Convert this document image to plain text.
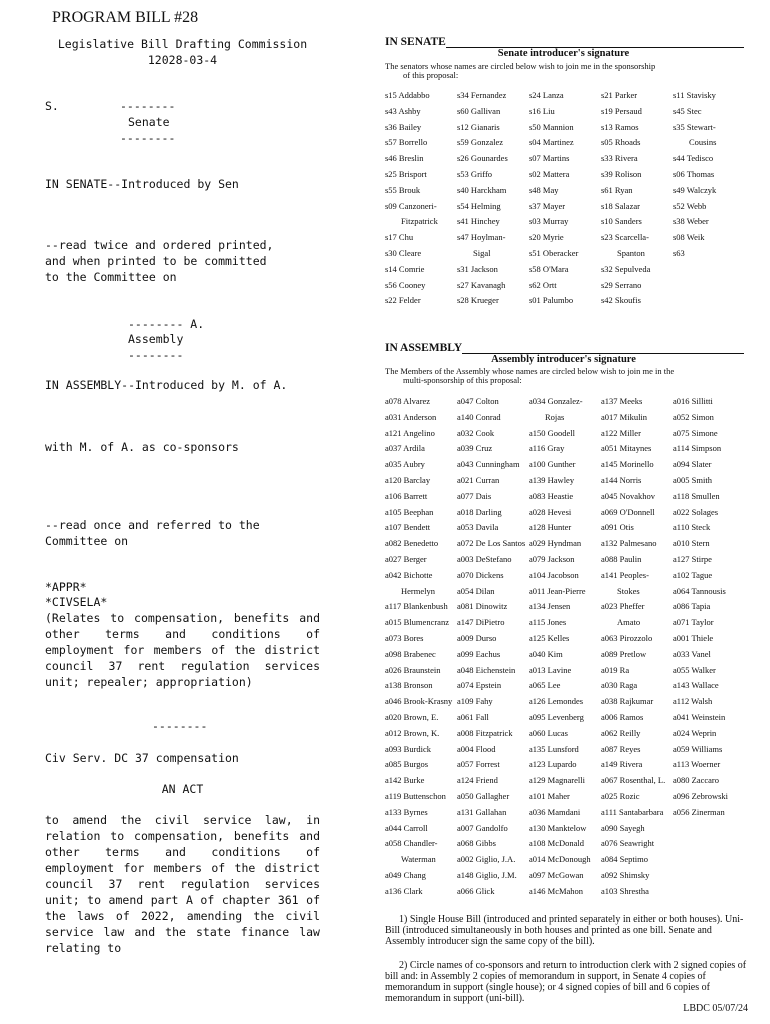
PROGRAM BILL #28
Legislative Bill Drafting Commission
12028-03-4
S.	--------
Senate
--------
IN SENATE--Introduced by Sen
--read twice and ordered printed,
and when printed to be committed
to the Committee on
-------- A.
Assembly
--------
IN ASSEMBLY--Introduced by M. of A.
with M. of A. as co-sponsors
--read once and referred to the
Committee on
*APPR*
*CIVSELA*
(Relates to compensation, benefits and other terms and conditions of employment for members of the district council 37 rent regulation services unit; repealer; appropriation)
--------
Civ Serv. DC 37 compensation
AN ACT
to amend the civil service law, in relation to compensation, benefits and other terms and conditions of employment for members of the district council 37 rent regulation services unit; to amend part A of chapter 361 of the laws of 2022, amending the civil service law and the state finance law relating to
IN SENATE
Senate introducer's signature
The senators whose names are circled below wish to join me in the sponsorship
of this proposal:
s15 Addabbo	s34 Fernandez	s24 Lanza	s21 Parker	s11 Stavisky
s43 Ashby	s60 Gallivan	s16 Liu	s19 Persaud	s45 Stec
s36 Bailey	s12 Gianaris	s50 Mannion	s13 Ramos	s35 Stewart-
s57 Borrello	s59 Gonzalez	s04 Martinez	s05 Rhoads	Cousins
s46 Breslin	s26 Gounardes	s07 Martins	s33 Rivera	s44 Tedisco
s25 Brisport	s53 Griffo	s02 Mattera	s39 Rolison	s06 Thomas
s55 Brouk	s40 Harckham	s48 May	s61 Ryan	s49 Walczyk
s09 Canzoneri-	s54 Helming	s37 Mayer	s18 Salazar	s52 Webb
Fitzpatrick	s41 Hinchey	s03 Murray	s10 Sanders	s38 Weber
s17 Chu	s47 Hoylman-	s20 Myrie	s23 Scarcella-	s08 Weik
s30 Cleare	Sigal	s51 Oberacker	Spanton	s63
s14 Comrie	s31 Jackson	s58 O'Mara	s32 Sepulveda
s56 Cooney	s27 Kavanagh	s62 Ortt	s29 Serrano
s22 Felder	s28 Krueger	s01 Palumbo	s42 Skoufis
IN ASSEMBLY
Assembly introducer's signature
The Members of the Assembly whose names are circled below wish to join me in the
multi-sponsorship of this proposal:
a078 Alvarez	a047 Colton	a034 Gonzalez-	a137 Meeks	a016 Sillitti
a031 Anderson	a140 Conrad	Rojas	a017 Mikulin	a052 Simon
a121 Angelino	a032 Cook	a150 Goodell	a122 Miller	a075 Simone
a037 Ardila	a039 Cruz	a116 Gray	a051 Mitaynes	a114 Simpson
a035 Aubry	a043 Cunningham	a100 Gunther	a145 Morinello	a094 Slater
a120 Barclay	a021 Curran	a139 Hawley	a144 Norris	a005 Smith
a106 Barrett	a077 Dais	a083 Heastie	a045 Novakhov	a118 Smullen
a105 Beephan	a018 Darling	a028 Hevesi	a069 O'Donnell	a022 Solages
a107 Bendett	a053 Davila	a128 Hunter	a091 Otis	a110 Steck
a082 Benedetto	a072 De Los Santos a029 Hyndman	a132 Palmesano	a010 Stern
a027 Berger	a003 DeStefano	a079 Jackson	a088 Paulin	a127 Stirpe
a042 Bichotte	a070 Dickens	a104 Jacobson	a141 Peoples-	a102 Tague
Hermelyn	a054 Dilan	a011 Jean-Pierre	Stokes	a064 Tannousis
a117 Blankenbush	a081 Dinowitz	a134 Jensen	a023 Pheffer	a086 Tapia
a015 Blumencranz a147 DiPietro	a115 Jones	Amato	a071 Taylor
a073 Bores	a009 Durso	a125 Kelles	a063 Pirozzolo	a001 Thiele
a098 Brabenec	a099 Eachus	a040 Kim	a089 Pretlow	a033 Vanel
a026 Braunstein	a048 Eichenstein	a013 Lavine	a019 Ra	a055 Walker
a138 Bronson	a074 Epstein	a065 Lee	a030 Raga	a143 Wallace
a046 Brook-Krasny a109 Fahy	a126 Lemondes	a038 Rajkumar	a112 Walsh
a020 Brown, E.	a061 Fall	a095 Levenberg	a006 Ramos	a041 Weinstein
a012 Brown, K.	a008 Fitzpatrick	a060 Lucas	a062 Reilly	a024 Weprin
a093 Burdick	a004 Flood	a135 Lunsford	a087 Reyes	a059 Williams
a085 Burgos	a057 Forrest	a123 Lupardo	a149 Rivera	a113 Woerner
a142 Burke	a124 Friend	a129 Magnarelli	a067 Rosenthal, L. a080 Zaccaro
a119 Buttenschon	a050 Gallagher	a101 Maher	a025 Rozic	a096 Zebrowski
a133 Byrnes	a131 Gallahan	a036 Mamdani	a111 Santabarbara	a056 Zinerman
a044 Carroll	a007 Gandolfo	a130 Manktelow	a090 Sayegh
a058 Chandler-	a068 Gibbs	a108 McDonald	a076 Seawright
Waterman	a002 Giglio, J.A.	a014 McDonough	a084 Septimo
a049 Chang	a148 Giglio, J.M.	a097 McGowan	a092 Shimsky
a136 Clark	a066 Glick	a146 McMahon	a103 Shrestha
1) Single House Bill (introduced and printed separately in either or both houses). Uni-Bill (introduced simultaneously in both houses and printed as one bill. Senate and Assembly introducer sign the same copy of the bill).
2) Circle names of co-sponsors and return to introduction clerk with 2 signed copies of bill and: in Assembly 2 copies of memorandum in support, in Senate 4 copies of memorandum in support (single house); or 4 signed copies of bill and 6 copies of memorandum in support (uni-bill).
LBDC 05/07/24
